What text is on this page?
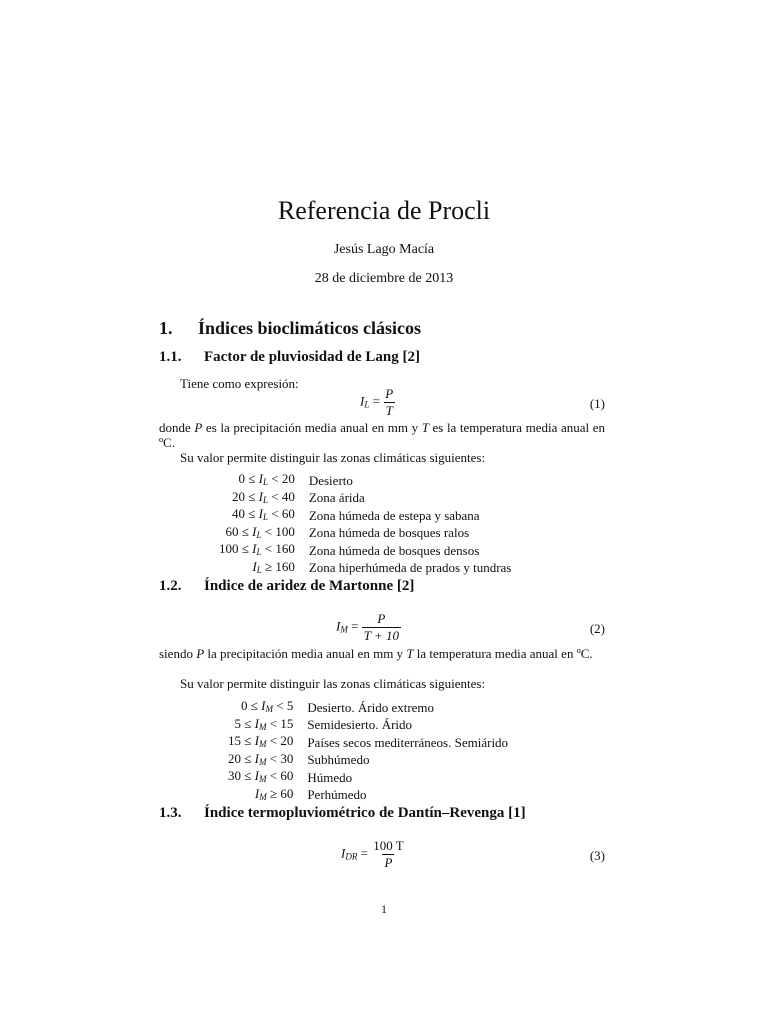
Referencia de Procli
Jesús Lago Macía
28 de diciembre de 2013
1. Índices bioclimáticos clásicos
1.1. Factor de pluviosidad de Lang [2]
Tiene como expresión:
$I_L = \frac{P}{T}$	(1)
donde P es la precipitación media anual en mm y T es la temperatura media anual en ºC.
Su valor permite distinguir las zonas climáticas siguientes:
$0 \le I_L < 20$	Desierto
$20 \le I_L < 40$	Zona árida
$40 \le I_L < 60$	Zona húmeda de estepa y sabana
$60 \le I_L < 100$	Zona húmeda de bosques ralos
$100 \le I_L < 160$	Zona húmeda de bosques densos
$I_L \ge 160$	Zona hiperhúmeda de prados y tundras
1.2. Índice de aridez de Martonne [2]
$I_M = \frac{P}{T + 10}$	(2)
siendo P la precipitación media anual en mm y T la temperatura media anual en ºC.
Su valor permite distinguir las zonas climáticas siguientes:
$0 \le I_M < 5$	Desierto. Árido extremo
$5 \le I_M < 15$	Semidesierto. Árido
$15 \le I_M < 20$	Países secos mediterráneos. Semiárido
$20 \le I_M < 30$	Subhúmedo
$30 \le I_M < 60$	Húmedo
$I_M \ge 60$	Perhúmedo
1.3. Índice termopluviométrico de Dantín–Revenga [1]
$I_{DR} = \frac{100 T}{P}$	(3)
1
